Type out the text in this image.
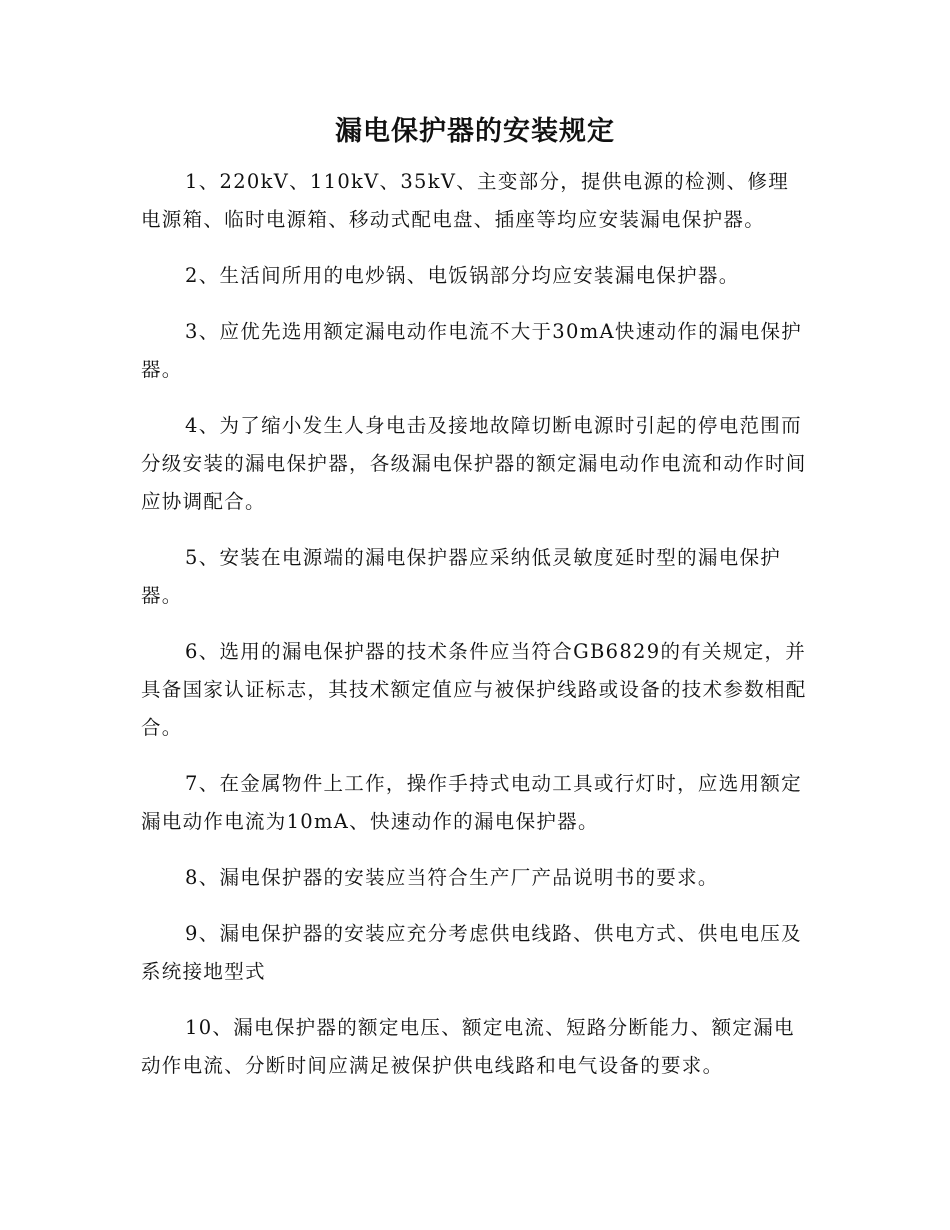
漏电保护器的安装规定

1、220kV、110kV、35kV、主变部分，提供电源的检测、修理电源箱、临时电源箱、移动式配电盘、插座等均应安装漏电保护器。

2、生活间所用的电炒锅、电饭锅部分均应安装漏电保护器。

3、应优先选用额定漏电动作电流不大于30mA快速动作的漏电保护器。

4、为了缩小发生人身电击及接地故障切断电源时引起的停电范围而分级安装的漏电保护器，各级漏电保护器的额定漏电动作电流和动作时间应协调配合。

5、安装在电源端的漏电保护器应采纳低灵敏度延时型的漏电保护器。

6、选用的漏电保护器的技术条件应当符合GB6829的有关规定，并具备国家认证标志，其技术额定值应与被保护线路或设备的技术参数相配合。

7、在金属物件上工作，操作手持式电动工具或行灯时，应选用额定漏电动作电流为10mA、快速动作的漏电保护器。

8、漏电保护器的安装应当符合生产厂产品说明书的要求。

9、漏电保护器的安装应充分考虑供电线路、供电方式、供电电压及系统接地型式

10、漏电保护器的额定电压、额定电流、短路分断能力、额定漏电动作电流、分断时间应满足被保护供电线路和电气设备的要求。
